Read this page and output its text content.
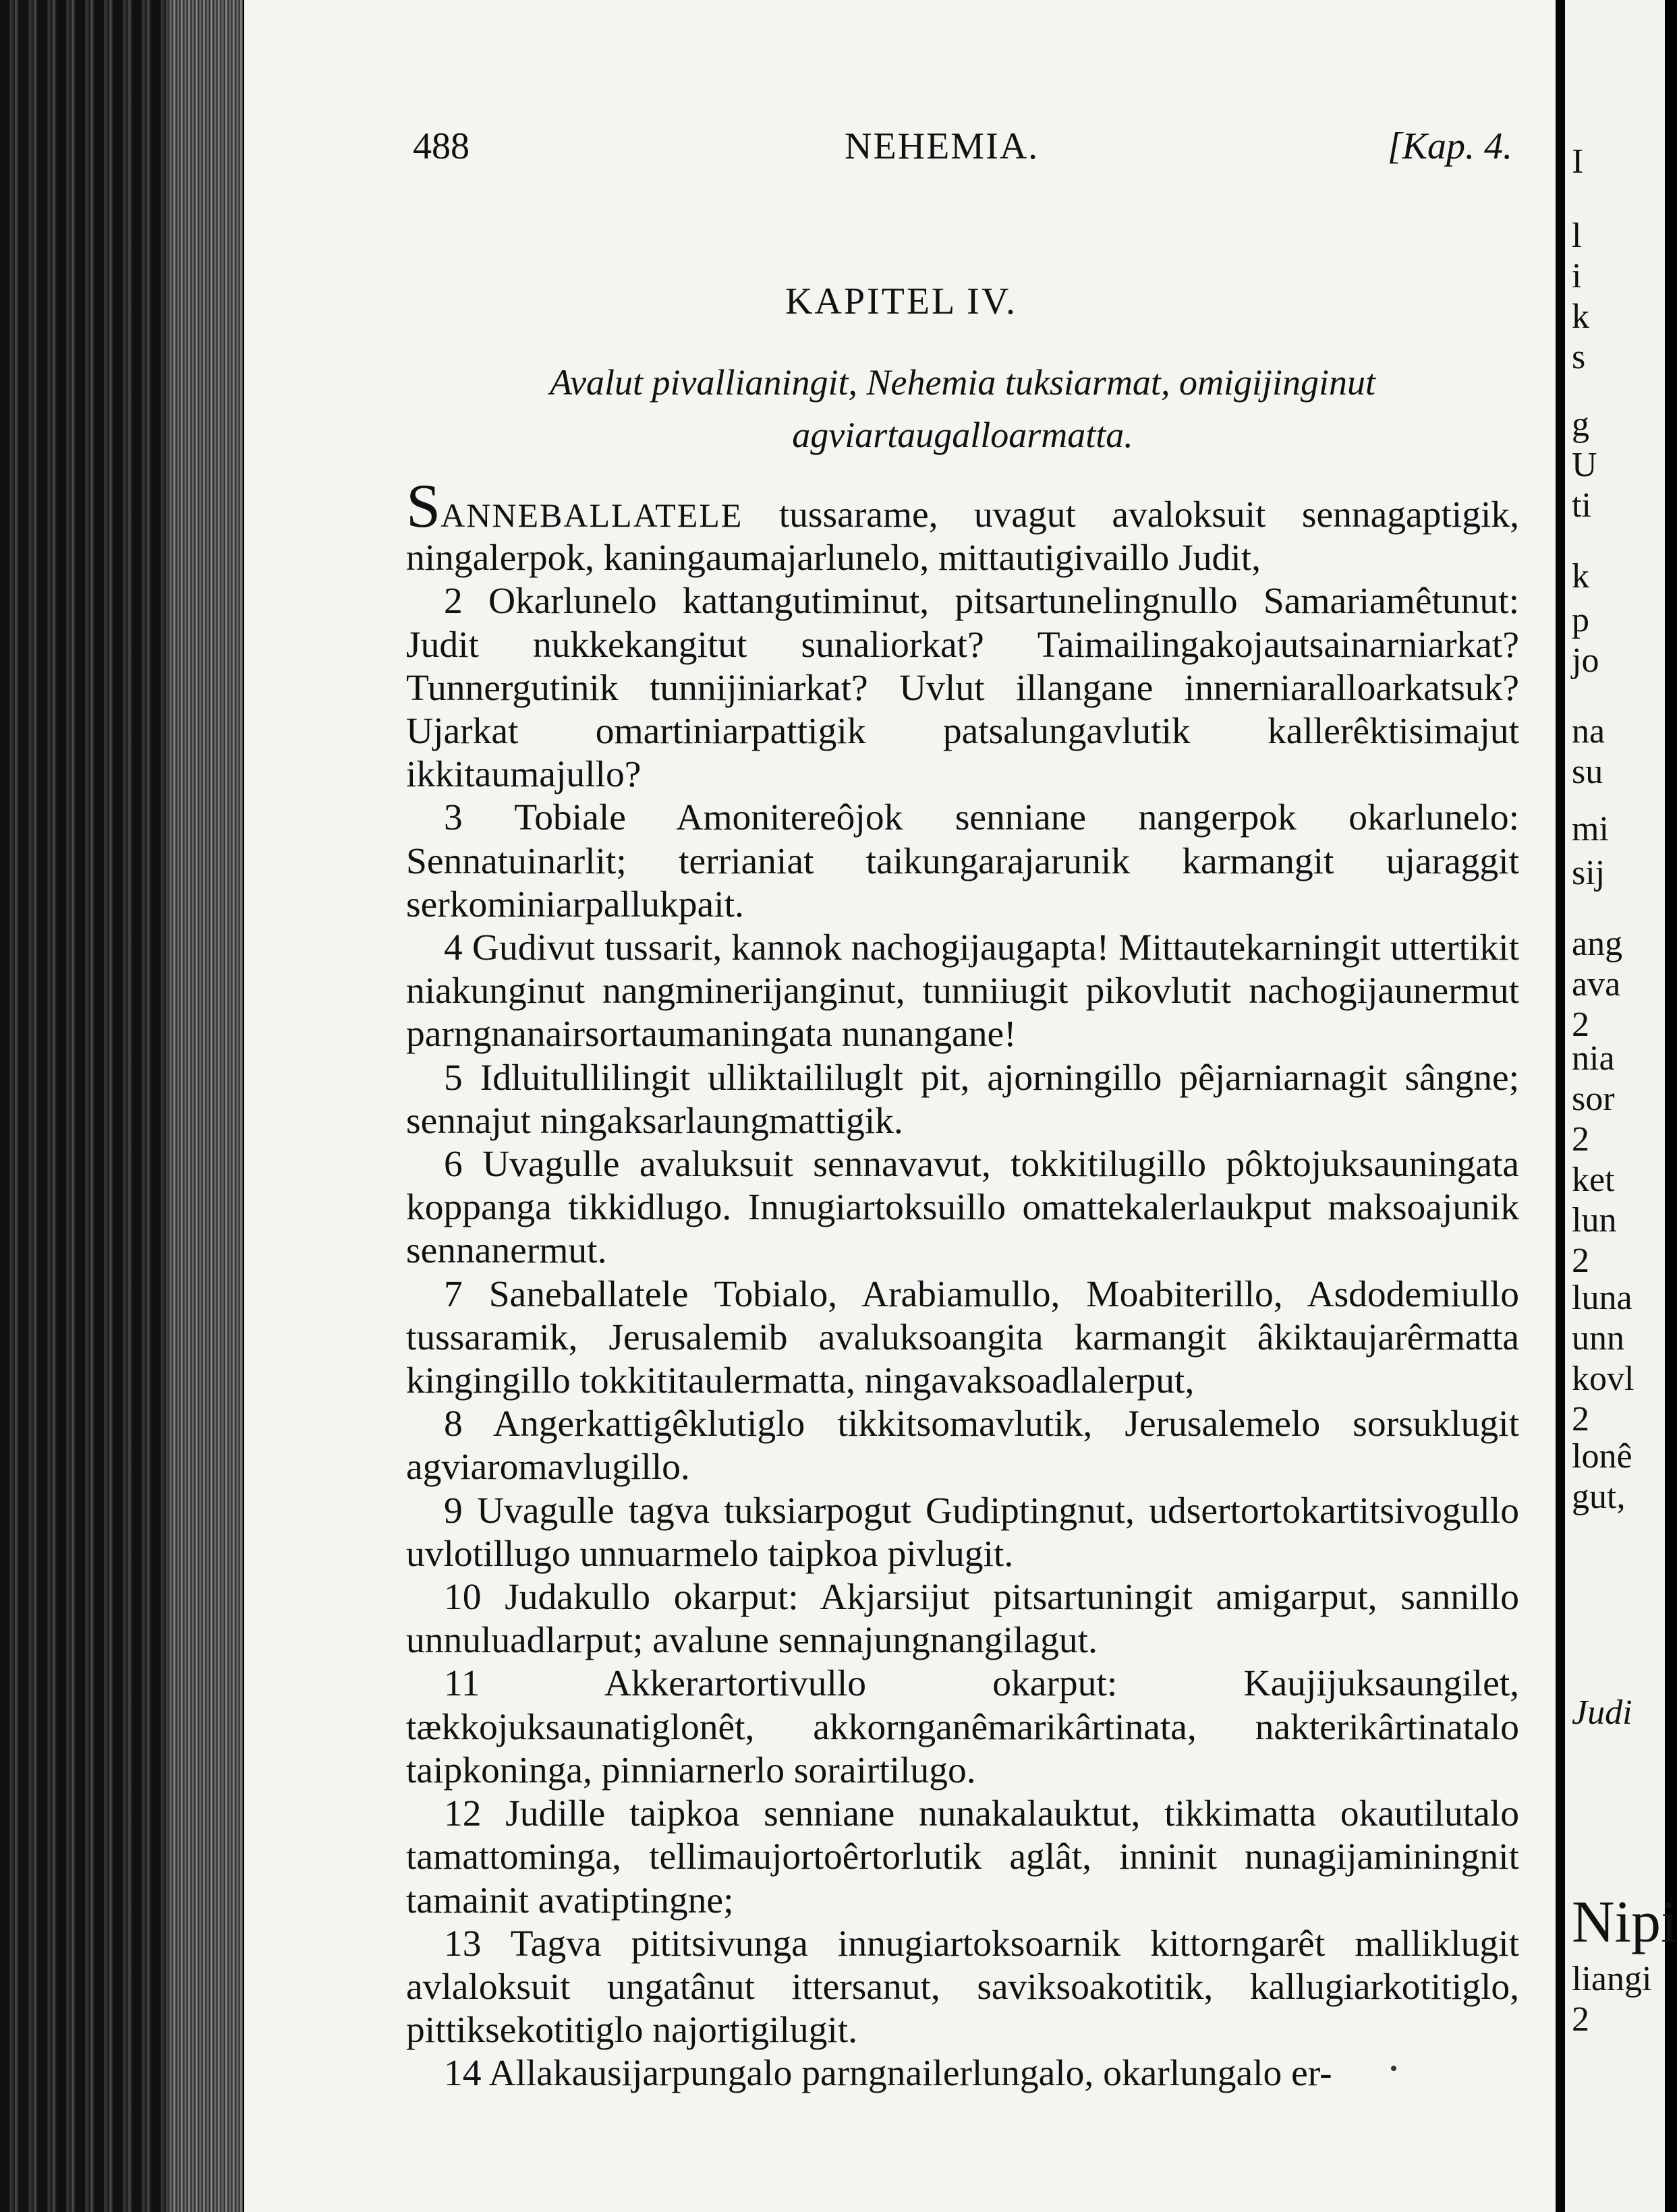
488	NEHEMIA.	[Kap. 4.
KAPITEL IV.
Avalut pivallianingit, Nehemia tuksiarmat, omigijinginut agviartaugalloarmatta.

SANNEBALLATELE tussarame, uvagut avaloksuit sennagaptigik, ningalerpok, kaningaumajarlunelo, mittautigivaillo Judit,

2 Okarlunelo kattangutiminut, pitsartunelingnullo Samariamêtunut: Judit nukkekangitut sunaliorkat? Taimailingakojautsainarniarkat? Tunnergutinik tunnijiniarkat? Uvlut illangane innerniaralloarkatsuk? Ujarkat omartiniarpattigik patsalungavlutik kallerêktisimajut ikkitaumajullo?

3 Tobiale Amonitereôjok senniane nangerpok okarlunelo: Sennatuinarlit; terrianiat taikungarajarunik karmangit ujaraggit serkominiarpallukpait.

4 Gudivut tussarit, kannok nachogijaugapta! Mittautekarningit uttertikit niakunginut nangminerijanginut, tunniiugit pikovlutit nachogijaunermut parngnanairsortaumaningata nunangane!

5 Idluitullilingit ulliktaililuglt pit, ajorningillo pêjarniarnagit sângne; sennajut ningaksarlaungmattigik.

6 Uvagulle avaluksuit sennavavut, tokkitilugillo pôktojuksauningata koppanga tikkidlugo. Innugiartoksuillo omattekalerlaukput maksoajunik sennanermut.

7 Saneballatele Tobialo, Arabiamullo, Moabiterillo, Asdodemiullo tussaramik, Jerusalemib avaluksoangita karmangit âkiktaujarêrmatta kingingillo tokkititaulermatta, ningavaksoadlalerput,

8 Angerkattigêklutiglo tikkitsomavlutik, Jerusalemelo sorsuklugit agviaromavlugillo.

9 Uvagulle tagva tuksiarpogut Gudiptingnut, udsertortokartitsivogullo uvlotillugo unnuarmelo taipkoa pivlugit.

10 Judakullo okarput: Akjarsijut pitsartuningit amigarput, sannillo unnuluadlarput; avalune sennajungnangilagut.

11 Akkerartortivullo okarput: Kaujijuksaungilet, tækkojuksaunatiglonêt, akkornganêmarikârtinata, nakterikârtinatalo taipkoninga, pinniarnerlo sorairtilugo.

12 Judille taipkoa senniane nunakalauktut, tikkimatta okautilutalo tamattominga, tellimaujortoêrtorlutik aglât, inninit nunagijaminingnit tamainit avatiptingne;

13 Tagva pititsivunga innugiartoksoarnik kittorngarêt malliklugit avlaloksuit ungatânut ittersanut, saviksoakotitik, kallugiarkotitiglo, pittiksekotitiglo najortigilugit.

14 Allakausijarpungalo parngnailerlungalo, okarlungalo er-

I
l
i
k
s
g
U
ti
k
p
jo
na
su
mi
sij
ang
ava
2
nia
sor
2
ket
lun
2
luna
unn
kovl
2
lonê
gut,
Judi
Nipi
liangi
2
